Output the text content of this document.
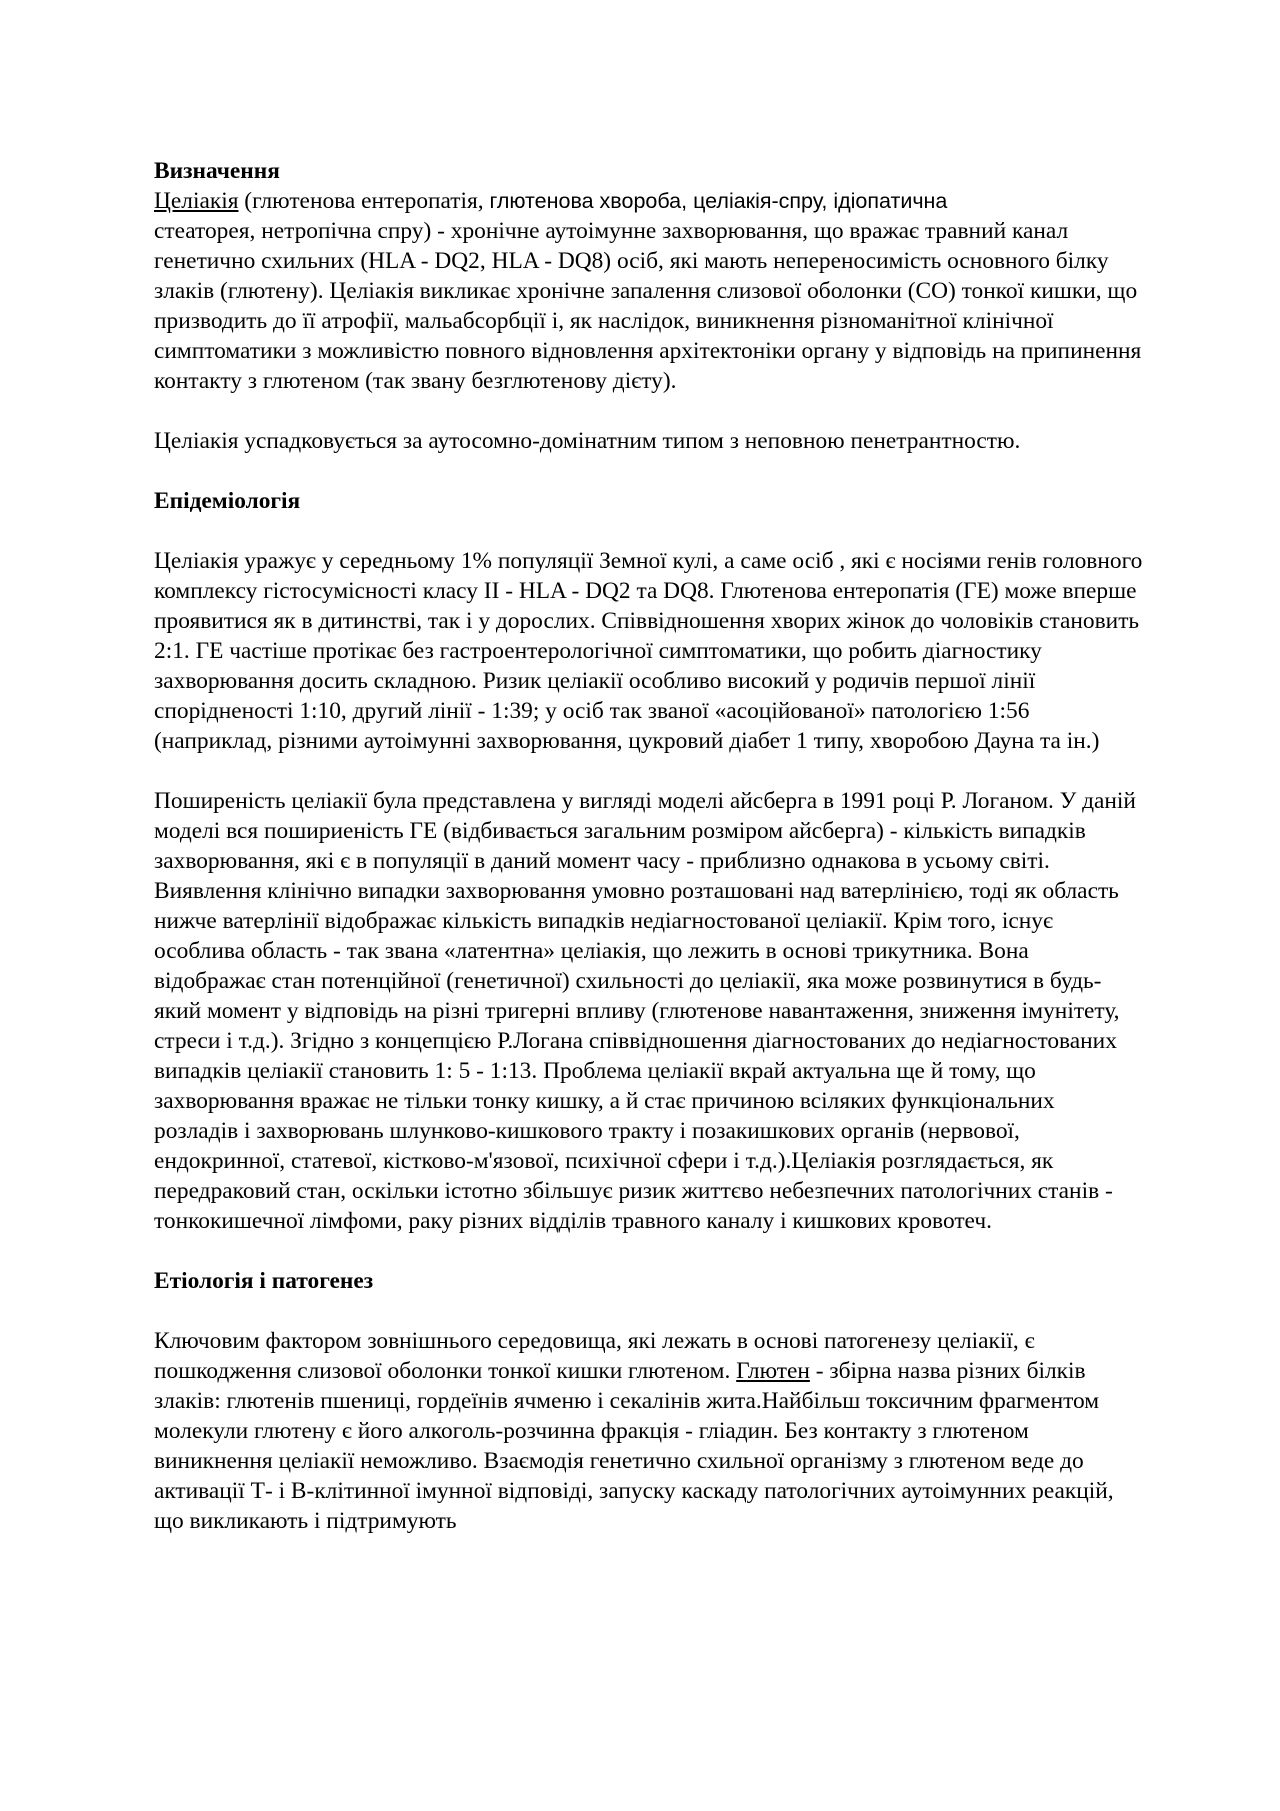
Визначення

Целіакія (глютенова ентеропатія, глютенова хвороба, целіакія-спру, ідіопатична
стеаторея, нетропічна спру) - хронічне аутоімунне захворювання, що вражає травний канал генетично схильних (HLA - DQ2, HLA - DQ8) осіб, які мають непереносимість основного білку злаків (глютену). Целіакія викликає хронічне запалення слизової оболонки (СО) тонкої кишки, що призводить до її атрофії, мальабсорбції і, як наслідок, виникнення різноманітної клінічної симптоматики з можливістю повного відновлення архітектоніки органу у відповідь на припинення контакту з глютеном (так звану безглютенову дієту).

Целіакія успадковується за аутосомно-домінатним типом з неповною пенетрантностю.

Епідеміологія

Целіакія уражує у середньому 1% популяції Земної кулі, а саме осіб , які є носіями генів головного комплексу гістосумісності класу ІІ - HLA - DQ2 та DQ8. Глютенова ентеропатія (ГЕ) може вперше проявитися як в дитинстві, так і у дорослих. Співвідношення хворих жінок до чоловіків становить 2:1. ГЕ частіше протікає без гастроентерологічної симптоматики, що робить діагностику захворювання досить складною. Ризик целіакії особливо високий у родичів першої лінії спорідненості 1:10, другий лінії - 1:39; у осіб так званої «асоційованої» патологією 1:56 (наприклад, різними аутоімунні захворювання, цукровий діабет 1 типу, хворобою Дауна та ін.)

Поширеність целіакії була представлена у вигляді моделі айсберга в 1991 році Р. Логаном. У даній моделі вся пошириеність ГЕ (відбивається загальним розміром айсберга) - кількість випадків захворювання, які є в популяції в даний момент часу - приблизно однакова в усьому світі. Виявлення клінічно випадки захворювання умовно розташовані над ватерлінією, тоді як область нижче ватерлінії відображає кількість випадків недіагностованої целіакії. Крім того, існує особлива область - так звана «латентна» целіакія, що лежить в основі трикутника. Вона відображає стан потенційної (генетичної) схильності до целіакії, яка може розвинутися в будь-який момент у відповідь на різні тригерні впливу (глютенове навантаження, зниження імунітету, стреси і т.д.). Згідно з концепцією Р.Логана співвідношення діагностованих до недіагностованих випадків целіакії становить 1: 5 - 1:13. Проблема целіакії вкрай актуальна ще й тому, що захворювання вражає не тільки тонку кишку, а й стає причиною всіляких функціональних розладів і захворювань шлунково-кишкового тракту і позакишкових органів (нервової, ендокринної, статевої, кістково-м'язової, психічної сфери і т.д.).Целіакія розглядається, як передраковий стан, оскільки істотно збільшує ризик життєво небезпечних патологічних станів - тонкокишечної лімфоми, раку різних відділів травного каналу і кишкових кровотеч.

Етіологія і патогенез

Ключовим фактором зовнішнього середовища, які лежать в основі патогенезу целіакії, є пошкодження слизової оболонки тонкої кишки глютеном. Глютен - збірна назва різних білків злаків: глютенів пшениці, гордеїнів ячменю і секалінів жита.Найбільш токсичним фрагментом молекули глютену є його алкоголь-розчинна фракція - гліадин. Без контакту з глютеном виникнення целіакії неможливо. Взаємодія генетично схильної організму з глютеном веде до активації Т- і В-клітинної імунної відповіді, запуску каскаду патологічних аутоімунних реакцій, що викликають і підтримують
